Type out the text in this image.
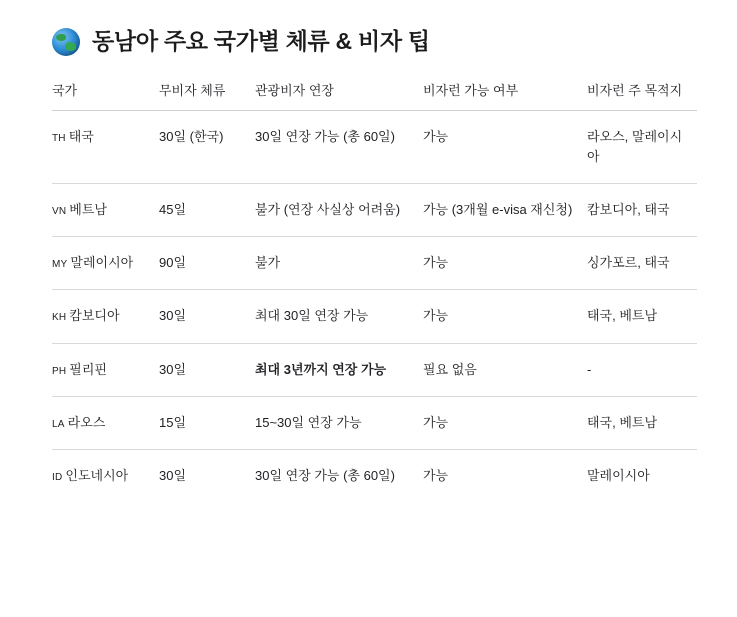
동남아 주요 국가별 체류 & 비자 팁
국가	무비자 체류	관광비자 연장	비자런 가능 여부	비자런 주 목적지
TH 태국	30일 (한국)	30일 연장 가능 (총 60일)	가능	라오스, 말레이시아
VN 베트남	45일	불가 (연장 사실상 어려움)	가능 (3개월 e-visa 재신청)	캄보디아, 태국
MY 말레이시아	90일	불가	가능	싱가포르, 태국
KH 캄보디아	30일	최대 30일 연장 가능	가능	태국, 베트남
PH 필리핀	30일	최대 3년까지 연장 가능	필요 없음	-
LA 라오스	15일	15~30일 연장 가능	가능	태국, 베트남
ID 인도네시아	30일	30일 연장 가능 (총 60일)	가능	말레이시아
